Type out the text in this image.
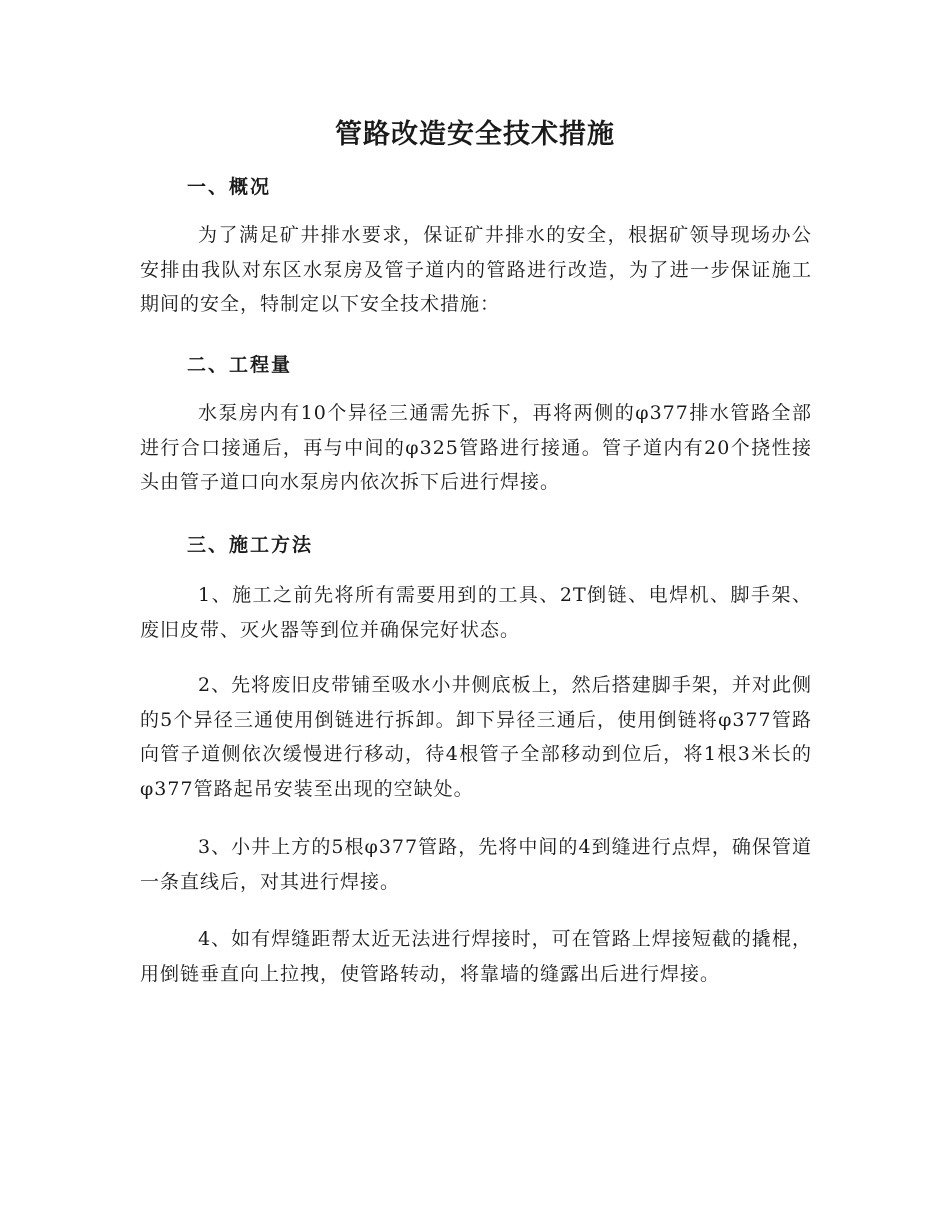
管路改造安全技术措施
一、概况

为了满足矿井排水要求，保证矿井排水的安全，根据矿领导现场办公安排由我队对东区水泵房及管子道内的管路进行改造，为了进一步保证施工期间的安全，特制定以下安全技术措施：

二、工程量

水泵房内有10个异径三通需先拆下，再将两侧的φ377排水管路全部进行合口接通后，再与中间的φ325管路进行接通。管子道内有20个挠性接头由管子道口向水泵房内依次拆下后进行焊接。

三、施工方法

1、施工之前先将所有需要用到的工具、2T倒链、电焊机、脚手架、废旧皮带、灭火器等到位并确保完好状态。

2、先将废旧皮带铺至吸水小井侧底板上，然后搭建脚手架，并对此侧的5个异径三通使用倒链进行拆卸。卸下异径三通后，使用倒链将φ377管路向管子道侧依次缓慢进行移动，待4根管子全部移动到位后，将1根3米长的φ377管路起吊安装至出现的空缺处。

3、小井上方的5根φ377管路，先将中间的4到缝进行点焊，确保管道一条直线后，对其进行焊接。

4、如有焊缝距帮太近无法进行焊接时，可在管路上焊接短截的撬棍，用倒链垂直向上拉拽，使管路转动，将靠墙的缝露出后进行焊接。
